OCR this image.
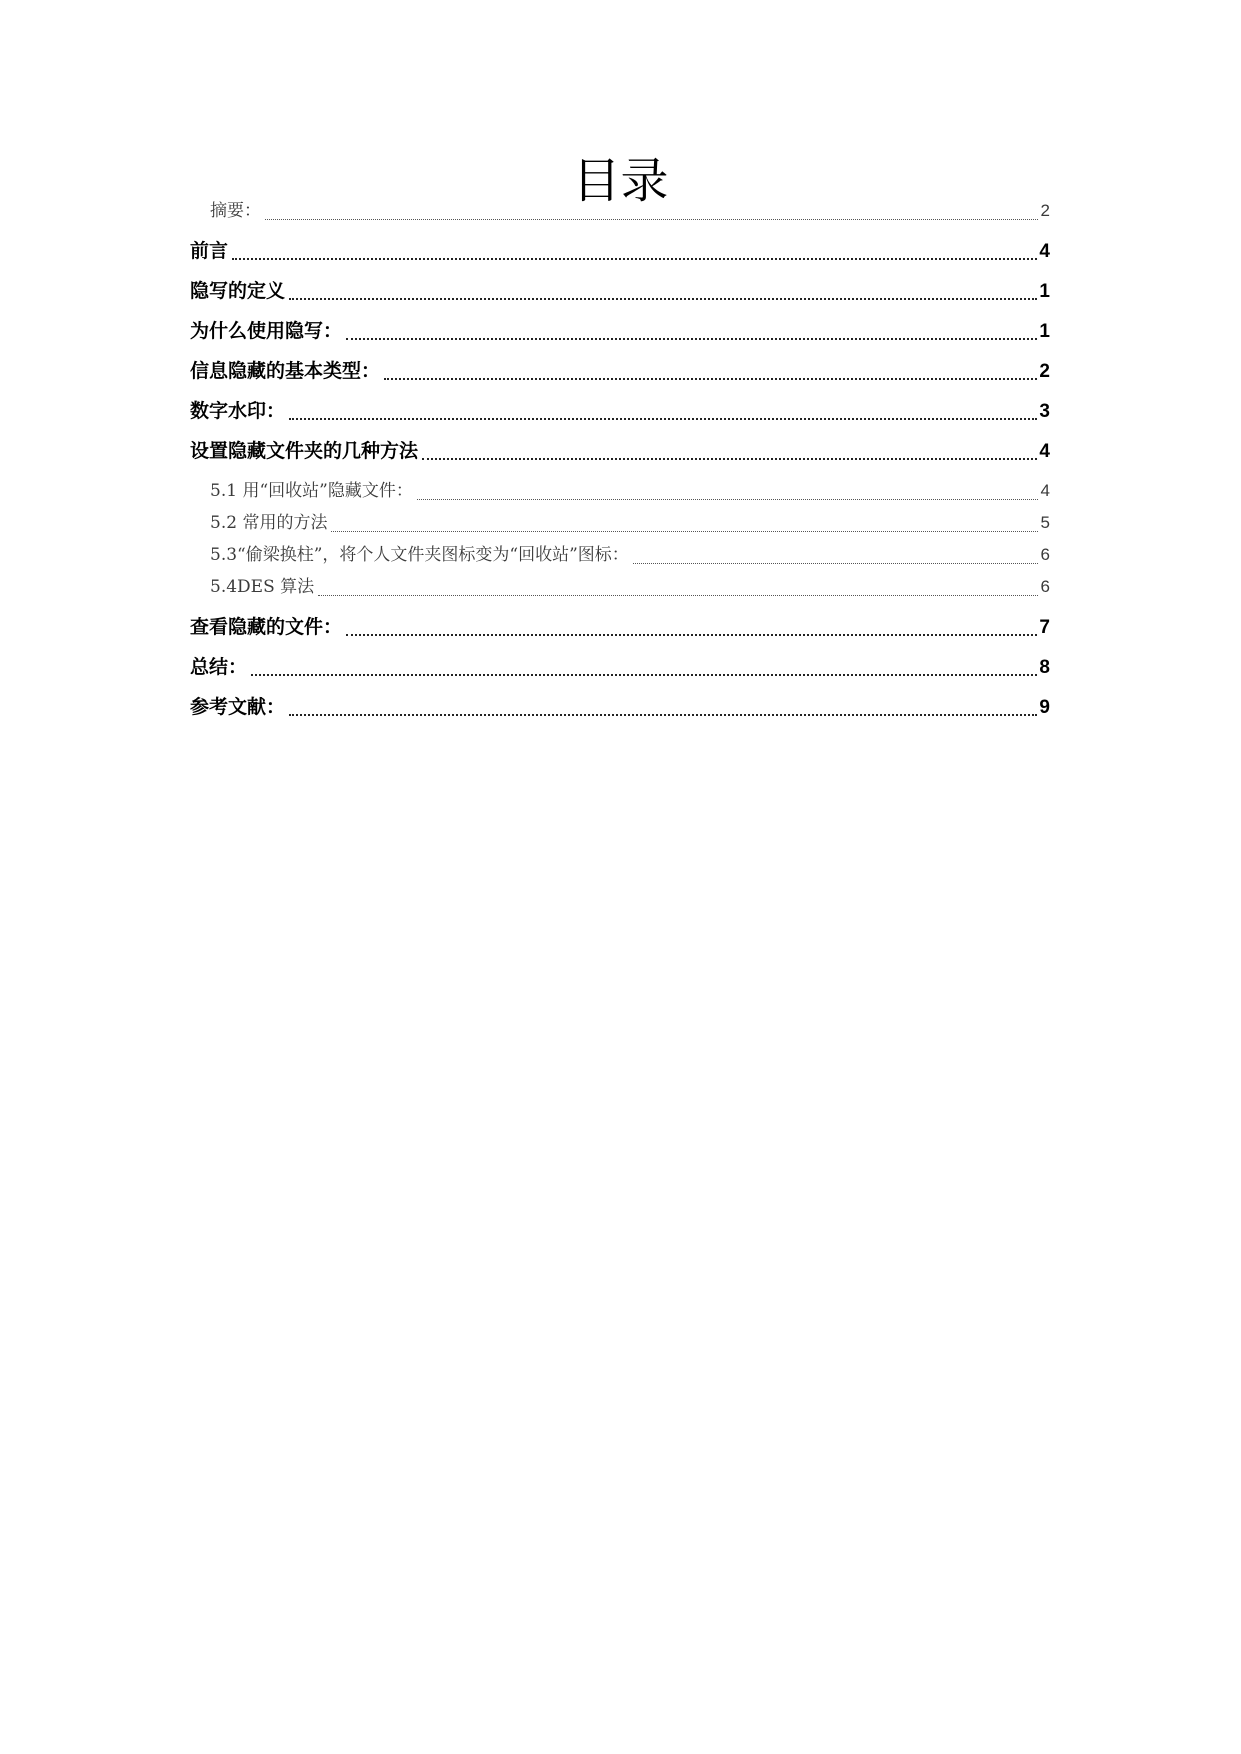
目录
摘要：	2
前言	4
隐写的定义	1
为什么使用隐写：	1
信息隐藏的基本类型：	2
数字水印：	3
设置隐藏文件夹的几种方法	4
5.1 用“回收站”隐藏文件：	4
5.2 常用的方法	5
5.3“偷梁换柱”，将个人文件夹图标变为“回收站”图标：	6
5.4DES 算法	6
查看隐藏的文件：	7
总结：	8
参考文献：	9
